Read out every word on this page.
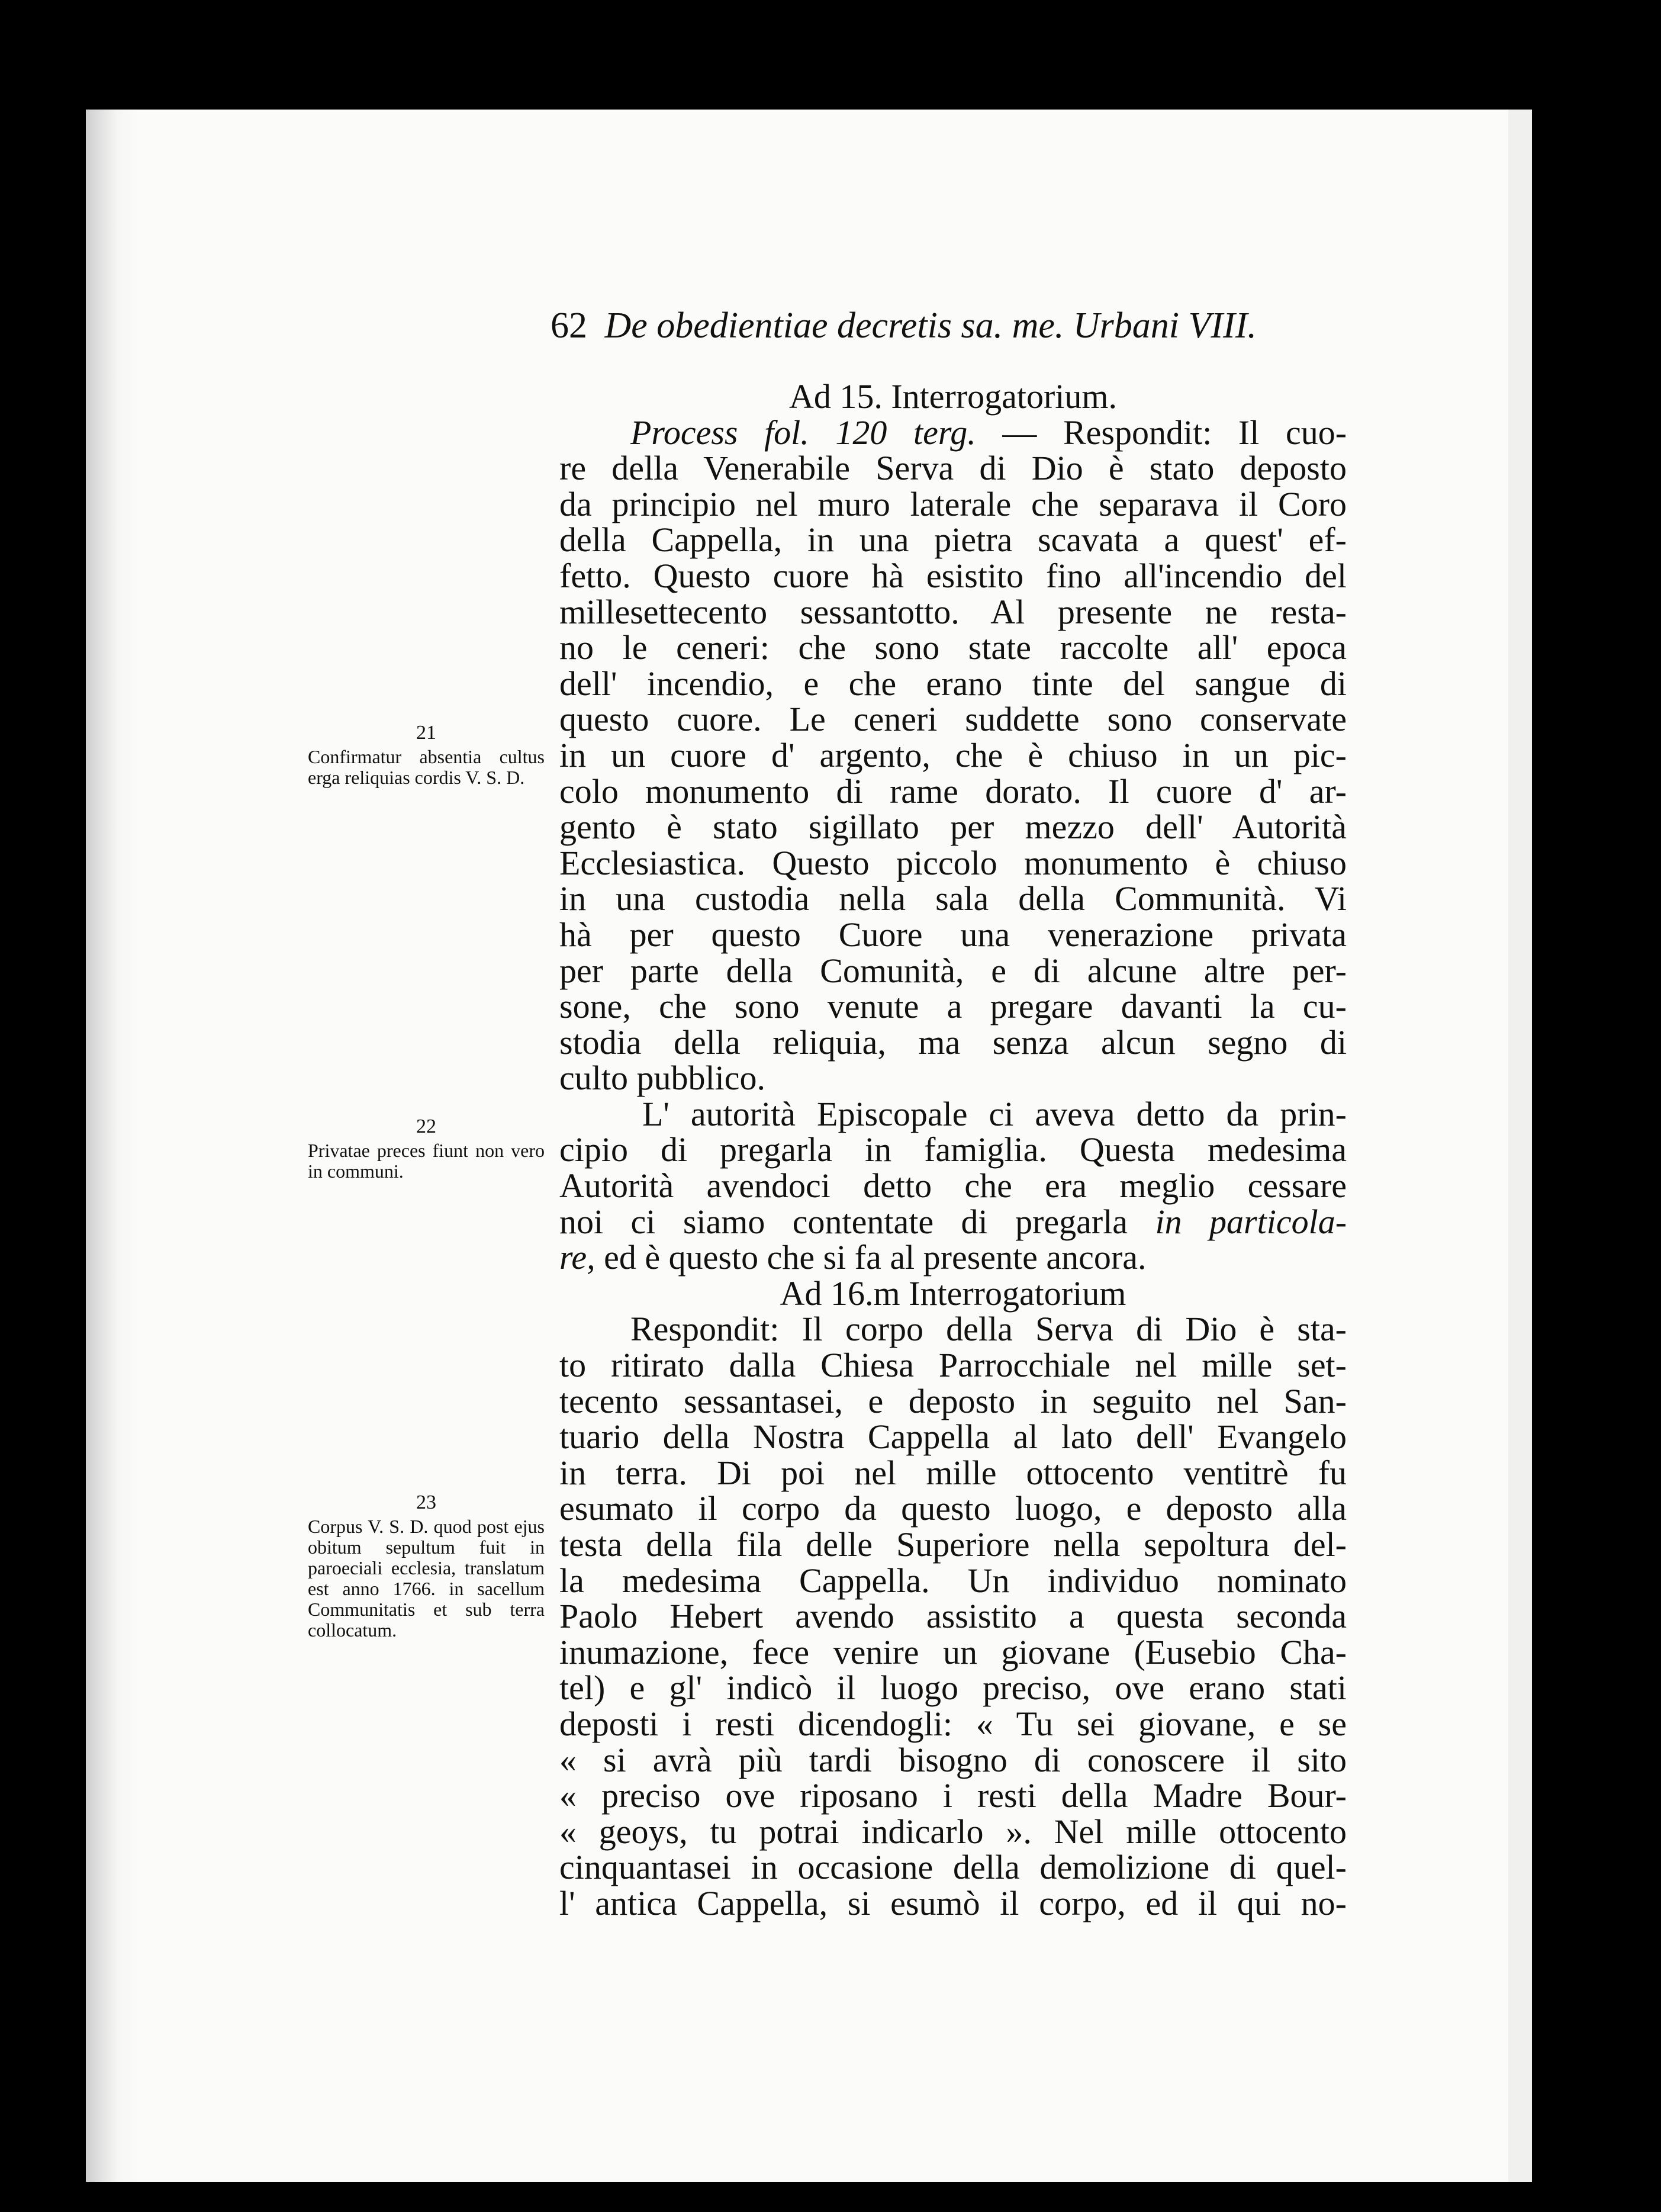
62 De obedientiae decretis sa. me. Urbani VIII.
21
Confirmatur absentia cultus erga reliquias cordis V. S. D.
22
Privatae preces fiunt non vero in communi.
23
Corpus V. S. D. quod post ejus obitum sepultum fuit in paroeciali ecclesia, translatum est anno 1766. in sacellum Communitatis et sub terra collocatum.
Ad 15. Interrogatorium.
Process fol. 120 terg. — Respondit: Il cuo-
re della Venerabile Serva di Dio è stato deposto
da principio nel muro laterale che separava il Coro
della Cappella, in una pietra scavata a quest' ef-
fetto. Questo cuore hà esistito fino all'incendio del
millesettecento sessantotto. Al presente ne resta-
no le ceneri: che sono state raccolte all' epoca
dell' incendio, e che erano tinte del sangue di
questo cuore. Le ceneri suddette sono conservate
in un cuore d' argento, che è chiuso in un pic-
colo monumento di rame dorato. Il cuore d' ar-
gento è stato sigillato per mezzo dell' Autorità
Ecclesiastica. Questo piccolo monumento è chiuso
in una custodia nella sala della Communità. Vi
hà per questo Cuore una venerazione privata
per parte della Comunità, e di alcune altre per-
sone, che sono venute a pregare davanti la cu-
stodia della reliquia, ma senza alcun segno di
culto pubblico.
L' autorità Episcopale ci aveva detto da prin-
cipio di pregarla in famiglia. Questa medesima
Autorità avendoci detto che era meglio cessare
noi ci siamo contentate di pregarla in particola-
re, ed è questo che si fa al presente ancora.
Ad 16.m Interrogatorium
Respondit: Il corpo della Serva di Dio è sta-
to ritirato dalla Chiesa Parrocchiale nel mille set-
tecento sessantasei, e deposto in seguito nel San-
tuario della Nostra Cappella al lato dell' Evangelo
in terra. Di poi nel mille ottocento ventitrè fu
esumato il corpo da questo luogo, e deposto alla
testa della fila delle Superiore nella sepoltura del-
la medesima Cappella. Un individuo nominato
Paolo Hebert avendo assistito a questa seconda
inumazione, fece venire un giovane (Eusebio Cha-
tel) e gl' indicò il luogo preciso, ove erano stati
deposti i resti dicendogli: « Tu sei giovane, e se
« si avrà più tardi bisogno di conoscere il sito
« preciso ove riposano i resti della Madre Bour-
« geoys, tu potrai indicarlo ». Nel mille ottocento
cinquantasei in occasione della demolizione di quel-
l' antica Cappella, si esumò il corpo, ed il qui no-
